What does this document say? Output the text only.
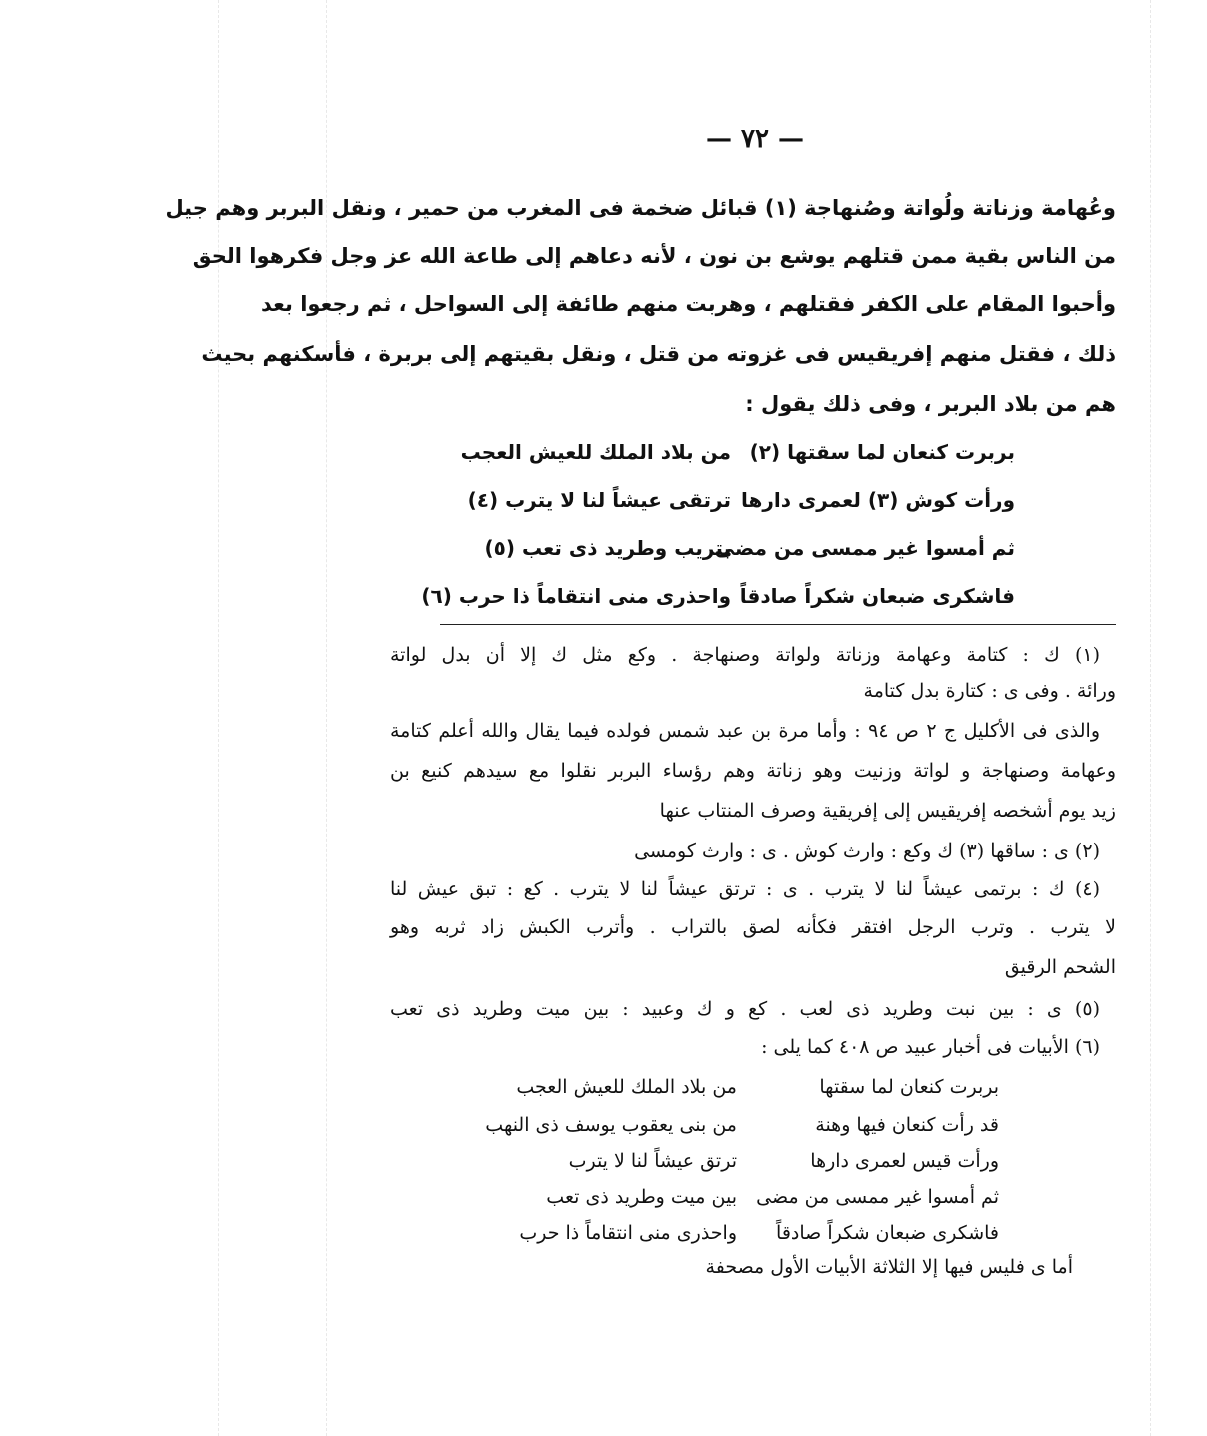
— ٧٢ —
وعُهامة وزناتة ولُواتة وصُنهاجة (١) قبائل ضخمة فى المغرب من حمير ، ونقل البربر وهم جيل
من الناس بقية ممن قتلهم يوشع بن نون ، لأنه دعاهم إلى طاعة الله عز وجل فكرهوا الحق
وأحبوا المقام على الكفر فقتلهم ، وهربت منهم طائفة إلى السواحل ، ثم رجعوا بعد
ذلك ، فقتل منهم إفريقيس فى غزوته من قتل ، ونقل بقيتهم إلى بربرة ، فأسكنهم بحيث
هم من بلاد البربر ، وفى ذلك يقول :
بربرت كنعان لما سقتها (٢)
من بلاد الملك للعيش العجب
ورأت كوش (٣) لعمرى دارها
ترتقى عيشاً لنا لا يترب (٤)
ثم أمسوا غير ممسى من مضى
بتريب وطريد ذى تعب (٥)
فاشكرى ضبعان شكراً صادقاً
واحذرى منى انتقاماً ذا حرب (٦)
(١) ك : كتامة وعهامة وزناتة ولواتة وصنهاجة . وكع مثل ك إلا أن بدل لواتة
ورائة . وفى ى : كتارة بدل كتامة
والذى فى الأكليل ج ٢ ص ٩٤ : وأما مرة بن عبد شمس فولده فيما يقال والله أعلم كتامة
وعهامة وصنهاجة و لواتة وزنيت وهو زناتة وهم رؤساء البربر نقلوا مع سيدهم كنيع بن
زيد يوم أشخصه إفريقيس إلى إفريقية وصرف المنتاب عنها
(٢) ى : ساقها (٣) ك وكع : وارث كوش . ى : وارث كومسى
(٤) ك : برتمى عيشاً لنا لا يترب . ى : ترتق عيشاً لنا لا يترب . كع : تبق عيش لنا
لا يترب . وترب الرجل افتقر فكأنه لصق بالتراب . وأترب الكبش زاد ثربه وهو
الشحم الرقيق
(٥) ى : بين نبت وطريد ذى لعب . كع و ك وعبيد : بين ميت وطريد ذى تعب
(٦) الأبيات فى أخبار عبيد ص ٤٠٨ كما يلى :
بربرت كنعان لما سقتها
من بلاد الملك للعيش العجب
قد رأت كنعان فيها وهنة
من بنى يعقوب يوسف ذى النهب
ورأت قيس لعمرى دارها
ترتق عيشاً لنا لا يترب
ثم أمسوا غير ممسى من مضى
بين ميت وطريد ذى تعب
فاشكرى ضبعان شكراً صادقاً
واحذرى منى انتقاماً ذا حرب
أما ى فليس فيها إلا الثلاثة الأبيات الأول مصحفة
